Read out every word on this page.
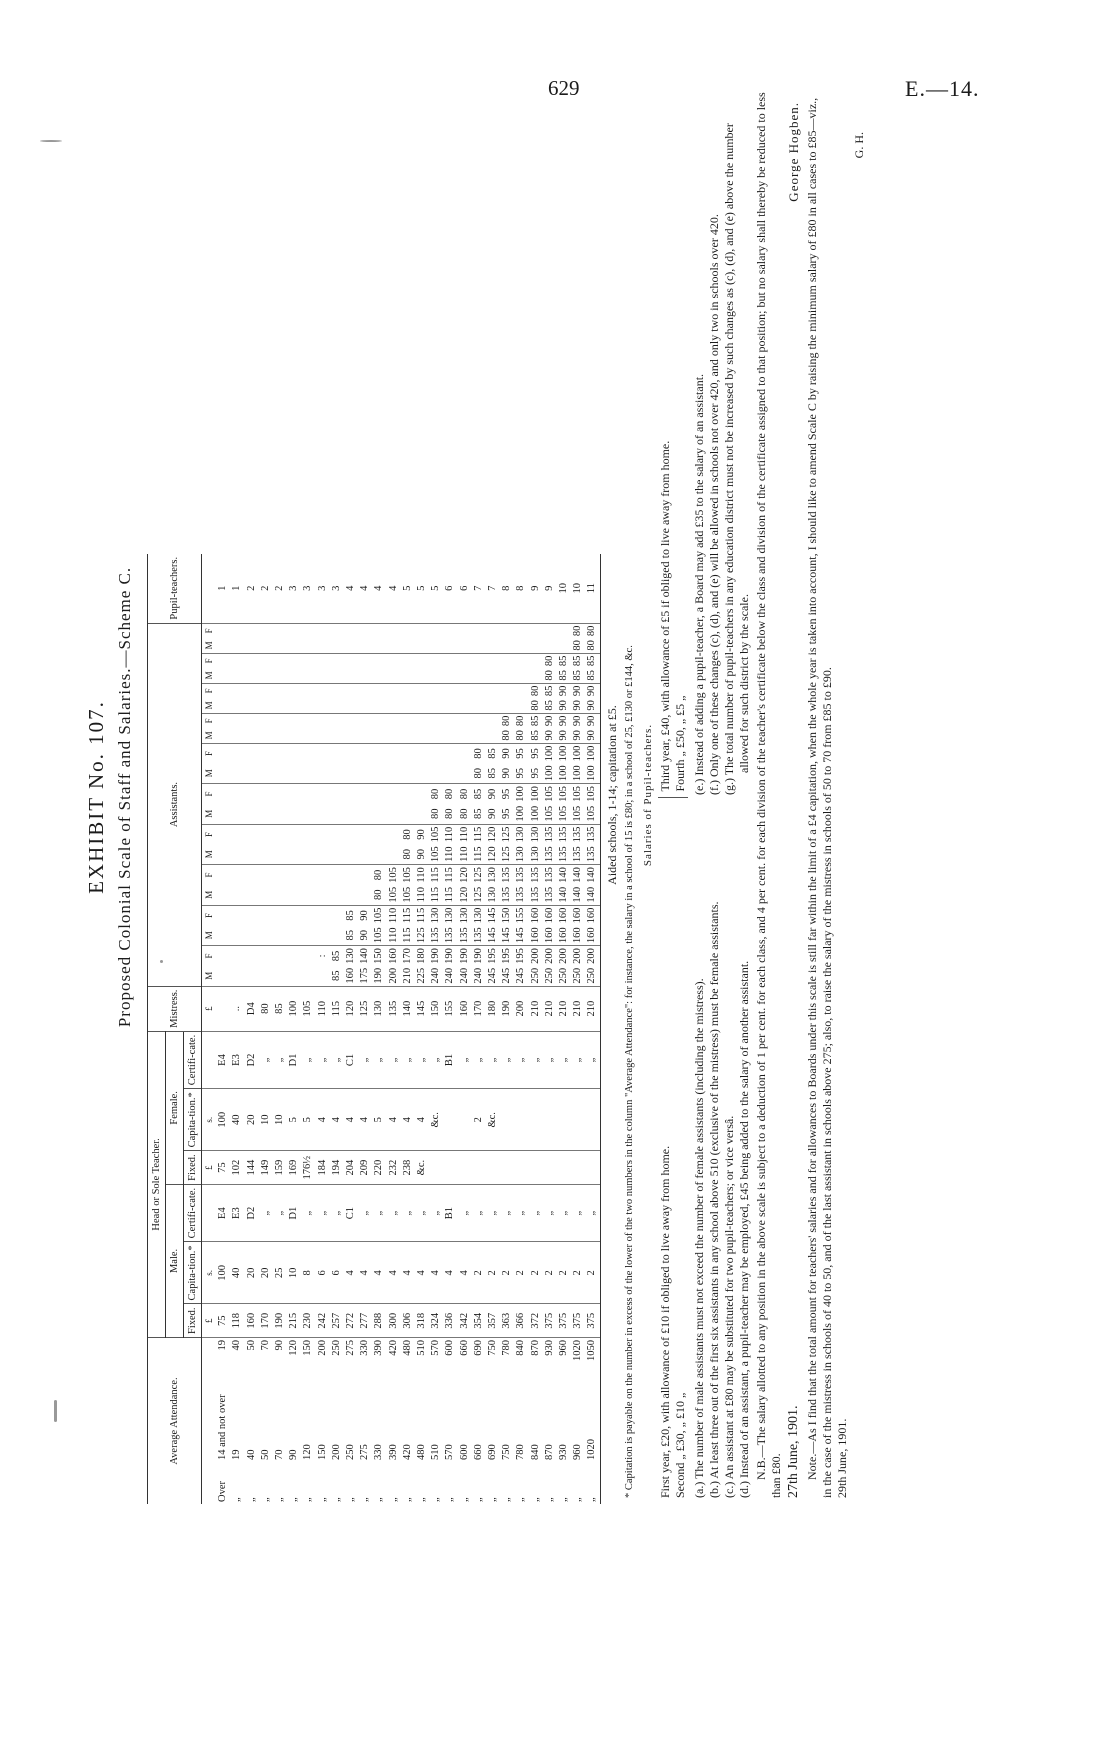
629	E.—14.
EXHIBIT No. 107. Proposed Colonial Scale of Staff and Salaries.—Scheme C.
Average Attendance.			Head or Sole Teacher.						Mistress.	Assistants.																				Pupil-teachers.
			Male.			Female.																								
			Fixed.	Capita-tion.*	Certifi-cate.	Fixed.	Capita-tion.*	Certifi-cate.																						
			£	s.		£	s.		£	M	F	M	F	M	F	M	F	M	F	M	F	M	F	M	F	M	F	M	F	
Over	14 and not over	19	75	100	E4	75	100	E4																						1
„	19	40	118	40	E3	102	40	E3	..																					1
„	40	50	160	20	D2	144	20	D2	D4																					2
„	50	70	170	20	„	149	10	„	80																					2
„	70	90	190	25	„	159	10	„	85																					2
„	90	120	215	10	D1	169	5	D1	100																					3
„	120	150	230	8	„	176½	5	„	105																					3
„	150	200	242	6	„	184	4	„	110		:																			3
„	200	250	257	6	„	194	4	„	115	85	85																			3
„	250	275	272	4	C1	204	4	C1	120	160	130	85	85																	4
„	275	330	277	4	„	209	4	„	125	175	140	90	90																	4
„	330	390	288	4	„	220	5	„	130	190	150	105	105	80	80															4
„	390	420	300	4	„	232	4	„	135	200	160	110	110	105	105															4
„	420	480	306	4	„	238	4	„	140	210	170	115	115	105	105	80	80													5
„	480	510	318	4	„	&c.	4	„	145	225	180	125	115	110	110	90	90													5
„	510	570	324	4	„		&c.	„	150	240	190	135	130	115	115	105	105	80	80											5
„	570	600	336	4	B1			B1	155	240	190	135	130	115	115	110	110	80	80											6
„	600	660	342	4	„			„	160	240	190	135	130	120	120	110	110	80	80											6
„	660	690	354	2	„		2	„	170	240	190	135	130	125	125	115	115	85	85	80	80									7
„	690	750	357	2	„		&c.	„	180	245	195	145	145	130	130	120	120	90	90	85	85									7
„	750	780	363	2	„			„	190	245	195	145	150	135	135	125	125	95	95	90	90	80	80							8
„	780	840	366	2	„			„	200	245	195	145	155	135	135	130	130	100	100	95	95	80	80							8
„	840	870	372	2	„			„	210	250	200	160	160	135	135	130	130	100	100	95	95	85	85	80	80					9
„	870	930	375	2	„			„	210	250	200	160	160	135	135	135	135	105	105	100	100	90	90	85	85	80	80			9
„	930	960	375	2	„			„	210	250	200	160	160	140	140	135	135	105	105	100	100	90	90	90	90	85	85			10
„	960	1020	375	2	„			„	210	250	200	160	160	140	140	135	135	105	105	100	100	90	90	90	90	85	85	80	80	10
„	1020	1050	375	2	„			„	210	250	200	160	160	140	140	135	135	105	105	100	100	90	90	90	90	85	85	80	80	11
Aided schools, 1-14; capitation at £5. * Capitation is payable on the number in excess of the lower of the two numbers in the column "Average Attendance": for instance, the salary in a school of 15 is £80; in a school of 25, £130 or £144, &c. Salaries of Pupil-teachers.
First year, £20, with allowance of £10 if obliged to live away from home. Second „ £30, „ £10 „
Third year, £40, with allowance of £5 if obliged to live away from home. Fourth „ £50, „ £5 „

(a.) The number of male assistants must not exceed the number of female assistants (including the mistress). (b.) At least three out of the first six assistants in any school above 510 (exclusive of the mistress) must be female assistants. (c.) An assistant at £80 may be substituted for two pupil-teachers; or vice versâ. (d.) Instead of an assistant, a pupil-teacher may be employed, £45 being added to the salary of another assistant.

(e.) Instead of adding a pupil-teacher, a Board may add £35 to the salary of an assistant. (f.) Only one of these changes (c), (d), and (e) will be allowed in schools not over 420, and only two in schools over 420. (g.) The total number of pupil-teachers in any education district must not be increased by such changes as (c), (d), and (e) above the number allowed for such district by the scale. N.B.—The salary allotted to any position in the above scale is subject to a deduction of 1 per cent. for each class, and 4 per cent. for each division of the teacher's certificate below the class and division of the certificate assigned to that position; but no salary shall thereby be reduced to less than £80. 27th June, 1901.
George Hogben. Note.—As I find that the total amount for teachers' salaries and for allowances to Boards under this scale is still far within the limit of a £4 capitation, when the whole year is taken into account, I should like to amend Scale C by raising the minimum salary of £80 in all cases to £85—viz., in the case of the mistress in schools of 40 to 50, and of the last assistant in schools above 275; also, to raise the salary of the mistress in schools of 50 to 70 from £85 to £90. 29th June, 1901.
G. H.
